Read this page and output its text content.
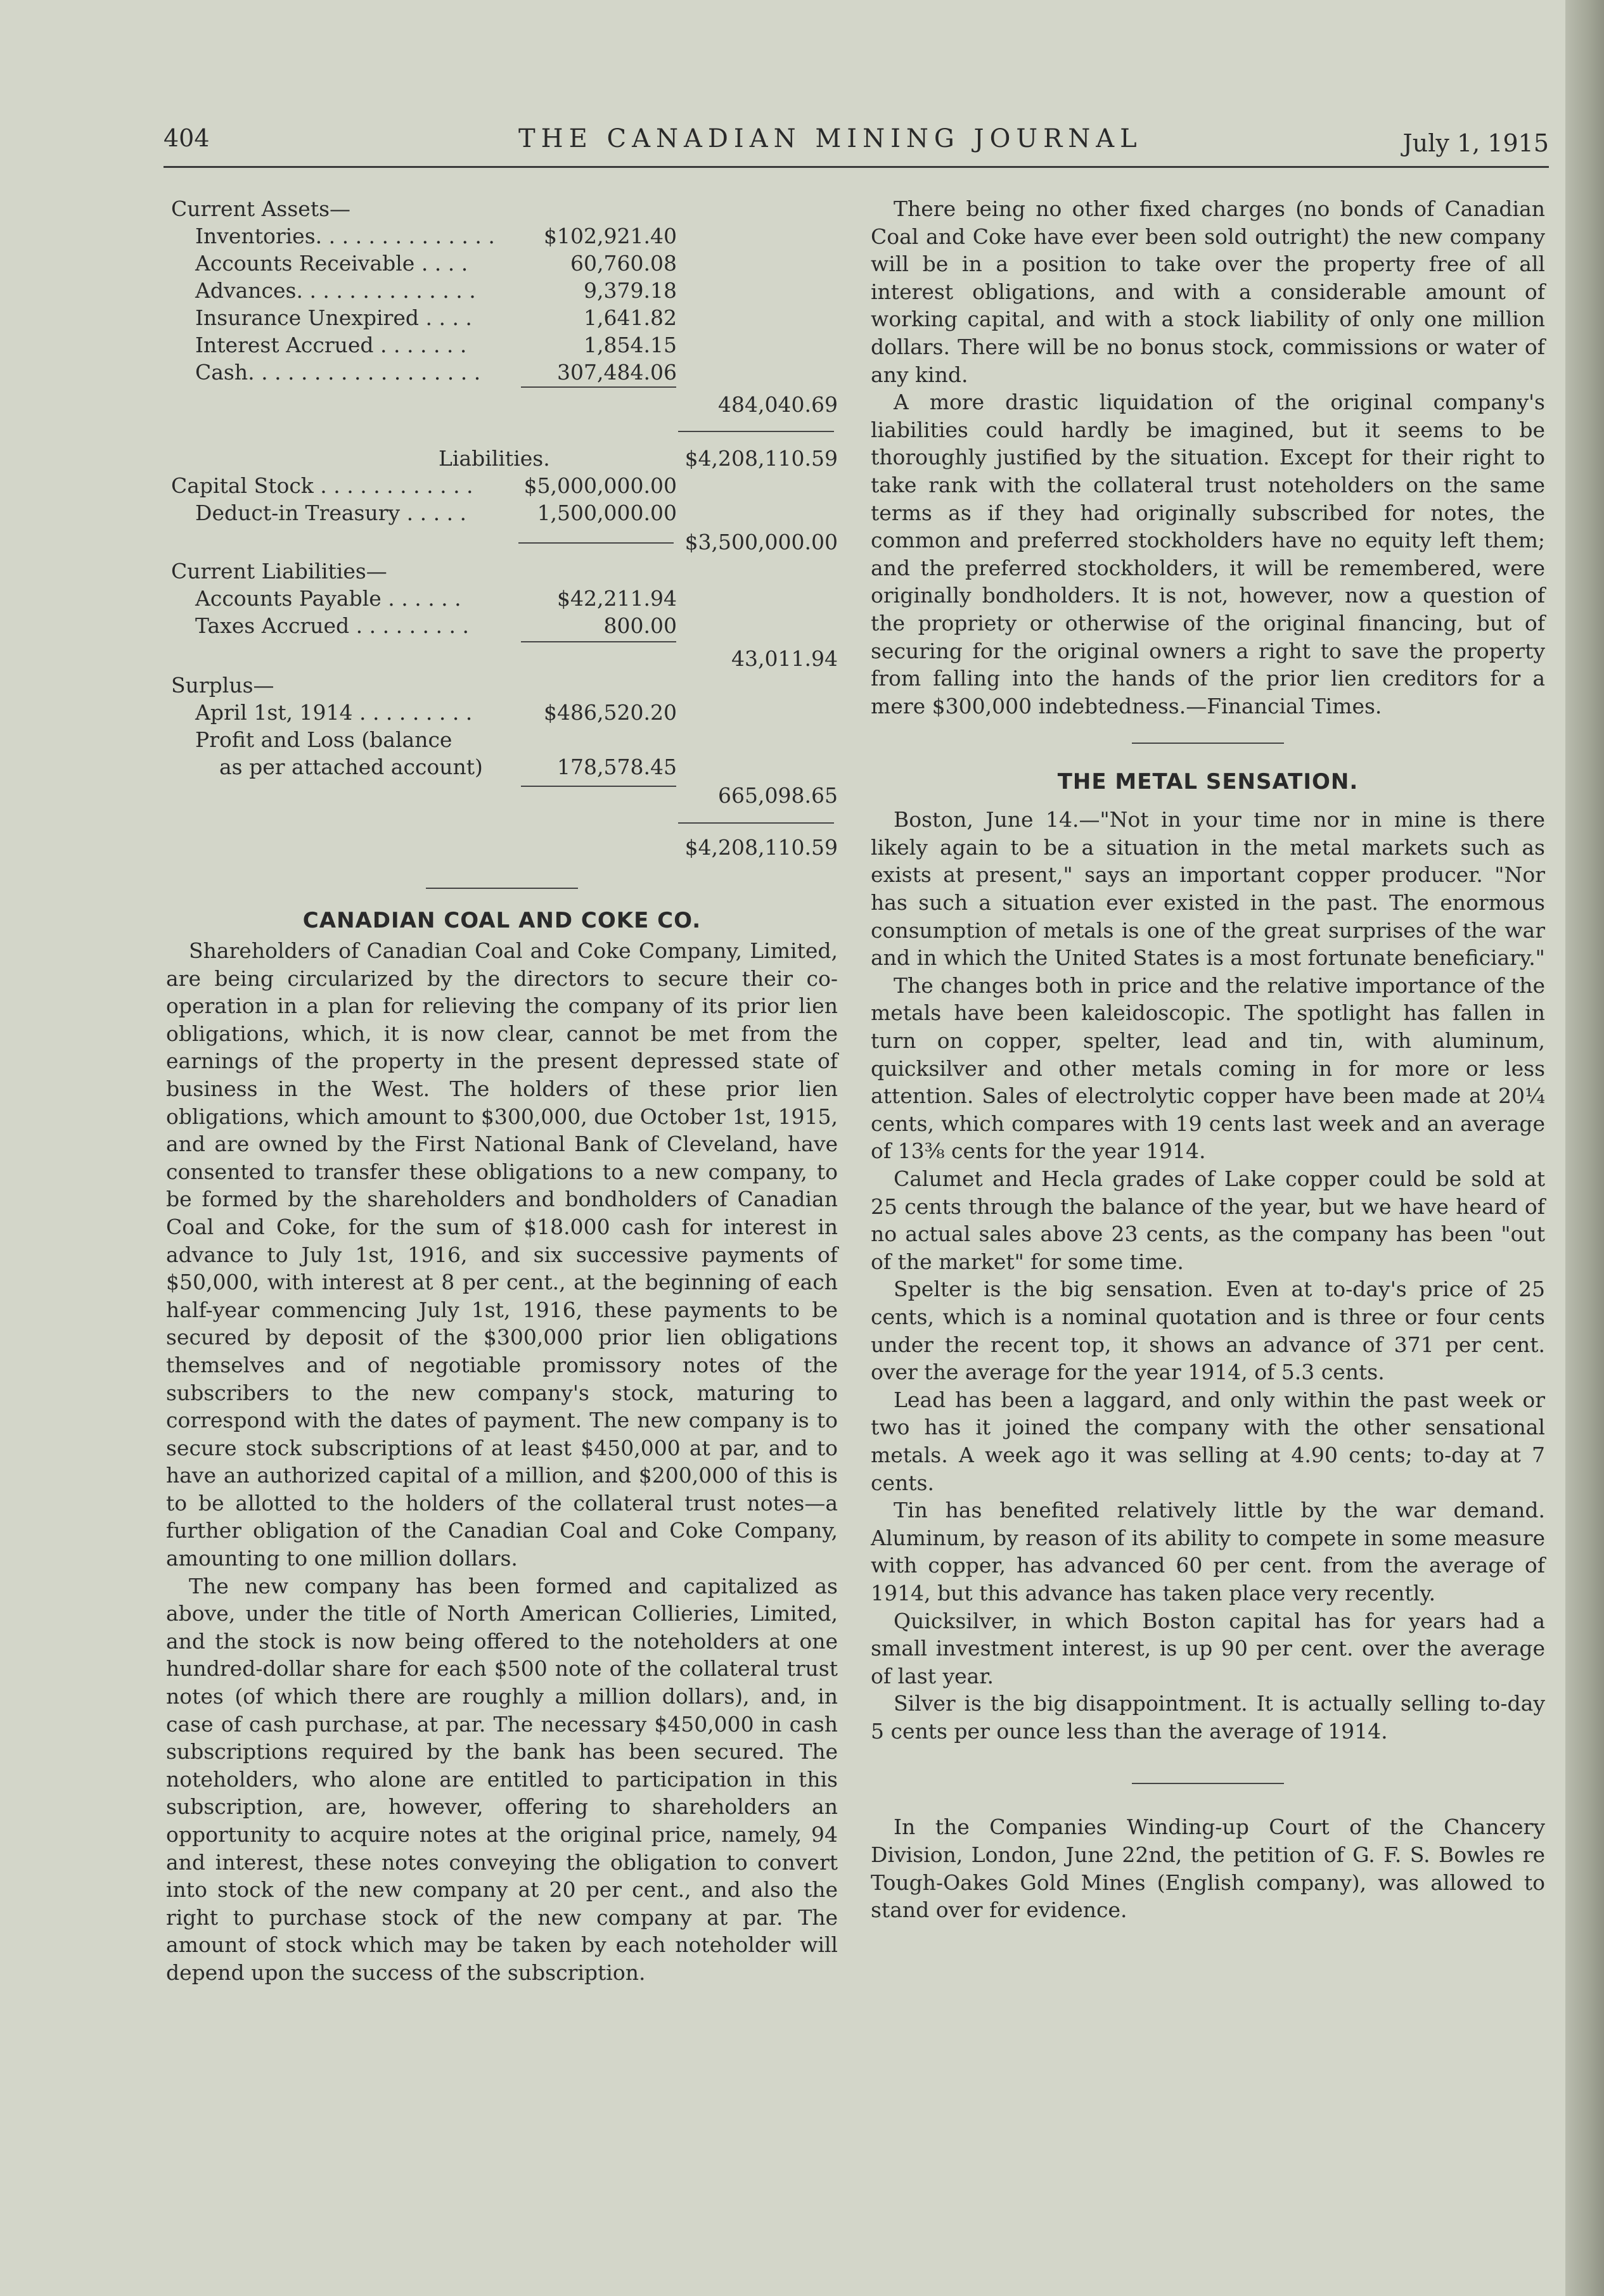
404	THE CANADIAN MINING JOURNAL	July 1, 1915
Current Assets—
Inventories. . . . . . . . . . . . . . $102,921.40
Accounts Receivable . . . .	60,760.08
Advances. . . . . . . . . . . . . .	9,379.18
Insurance Unexpired . . . .	1,641.82
Interest Accrued . . . . . . .	1,854.15
Cash. . . . . . . . . . . . . . . . . .	307,484.06
484,040.69
Liabilities.	$4,208,110.59
Capital Stock . . . . . . . . . . . . $5,000,000.00
Deduct-in Treasury . . . . .	1,500,000.00
$3,500,000.00
Current Liabilities—
Accounts Payable . . . . . .	$42,211.94
Taxes Accrued . . . . . . . . .	800.00
43,011.94
Surplus—
April 1st, 1914 . . . . . . . . .	$486,520.20
Profit and Loss (balance
as per attached account)	178,578.45
665,098.65
$4,208,110.59
CANADIAN COAL AND COKE CO.

Shareholders of Canadian Coal and Coke Company, Limited, are being circularized by the directors to secure their co-operation in a plan for relieving the company of its prior lien obligations, which, it is now clear, cannot be met from the earnings of the property in the present depressed state of business in the West. The holders of these prior lien obligations, which amount to $300,000, due October 1st, 1915, and are owned by the First National Bank of Cleveland, have consented to transfer these obligations to a new company, to be formed by the shareholders and bondholders of Canadian Coal and Coke, for the sum of $18.000 cash for interest in advance to July 1st, 1916, and six successive payments of $50,000, with interest at 8 per cent., at the beginning of each half-year commencing July 1st, 1916, these payments to be secured by deposit of the $300,000 prior lien obligations themselves and of negotiable promissory notes of the subscribers to the new company's stock, maturing to correspond with the dates of payment. The new company is to secure stock subscriptions of at least $450,000 at par, and to have an authorized capital of a million, and $200,000 of this is to be allotted to the holders of the collateral trust notes—a further obligation of the Canadian Coal and Coke Company, amounting to one million dollars.

The new company has been formed and capitalized as above, under the title of North American Collieries, Limited, and the stock is now being offered to the noteholders at one hundred-dollar share for each $500 note of the collateral trust notes (of which there are roughly a million dollars), and, in case of cash purchase, at par. The necessary $450,000 in cash subscriptions required by the bank has been secured. The noteholders, who alone are entitled to participation in this subscription, are, however, offering to shareholders an opportunity to acquire notes at the original price, namely, 94 and interest, these notes conveying the obligation to convert into stock of the new company at 20 per cent., and also the right to purchase stock of the new company at par. The amount of stock which may be taken by each noteholder will depend upon the success of the subscription.

There being no other fixed charges (no bonds of Canadian Coal and Coke have ever been sold outright) the new company will be in a position to take over the property free of all interest obligations, and with a considerable amount of working capital, and with a stock liability of only one million dollars. There will be no bonus stock, commissions or water of any kind.

A more drastic liquidation of the original company's liabilities could hardly be imagined, but it seems to be thoroughly justified by the situation. Except for their right to take rank with the collateral trust noteholders on the same terms as if they had originally subscribed for notes, the common and preferred stockholders have no equity left them; and the preferred stockholders, it will be remembered, were originally bondholders. It is not, however, now a question of the propriety or otherwise of the original financing, but of securing for the original owners a right to save the property from falling into the hands of the prior lien creditors for a mere $300,000 indebtedness.—Financial Times.

THE METAL SENSATION.

Boston, June 14.—"Not in your time nor in mine is there likely again to be a situation in the metal markets such as exists at present," says an important copper producer. "Nor has such a situation ever existed in the past. The enormous consumption of metals is one of the great surprises of the war and in which the United States is a most fortunate beneficiary."

The changes both in price and the relative importance of the metals have been kaleidoscopic. The spotlight has fallen in turn on copper, spelter, lead and tin, with aluminum, quicksilver and other metals coming in for more or less attention. Sales of electrolytic copper have been made at 20¼ cents, which compares with 19 cents last week and an average of 13⅜ cents for the year 1914.

Calumet and Hecla grades of Lake copper could be sold at 25 cents through the balance of the year, but we have heard of no actual sales above 23 cents, as the company has been "out of the market" for some time.

Spelter is the big sensation. Even at to-day's price of 25 cents, which is a nominal quotation and is three or four cents under the recent top, it shows an advance of 371 per cent. over the average for the year 1914, of 5.3 cents.

Lead has been a laggard, and only within the past week or two has it joined the company with the other sensational metals. A week ago it was selling at 4.90 cents; to-day at 7 cents.

Tin has benefited relatively little by the war demand. Aluminum, by reason of its ability to compete in some measure with copper, has advanced 60 per cent. from the average of 1914, but this advance has taken place very recently.

Quicksilver, in which Boston capital has for years had a small investment interest, is up 90 per cent. over the average of last year.

Silver is the big disappointment. It is actually selling to-day 5 cents per ounce less than the average of 1914.

In the Companies Winding-up Court of the Chancery Division, London, June 22nd, the petition of G. F. S. Bowles re Tough-Oakes Gold Mines (English company), was allowed to stand over for evidence.
